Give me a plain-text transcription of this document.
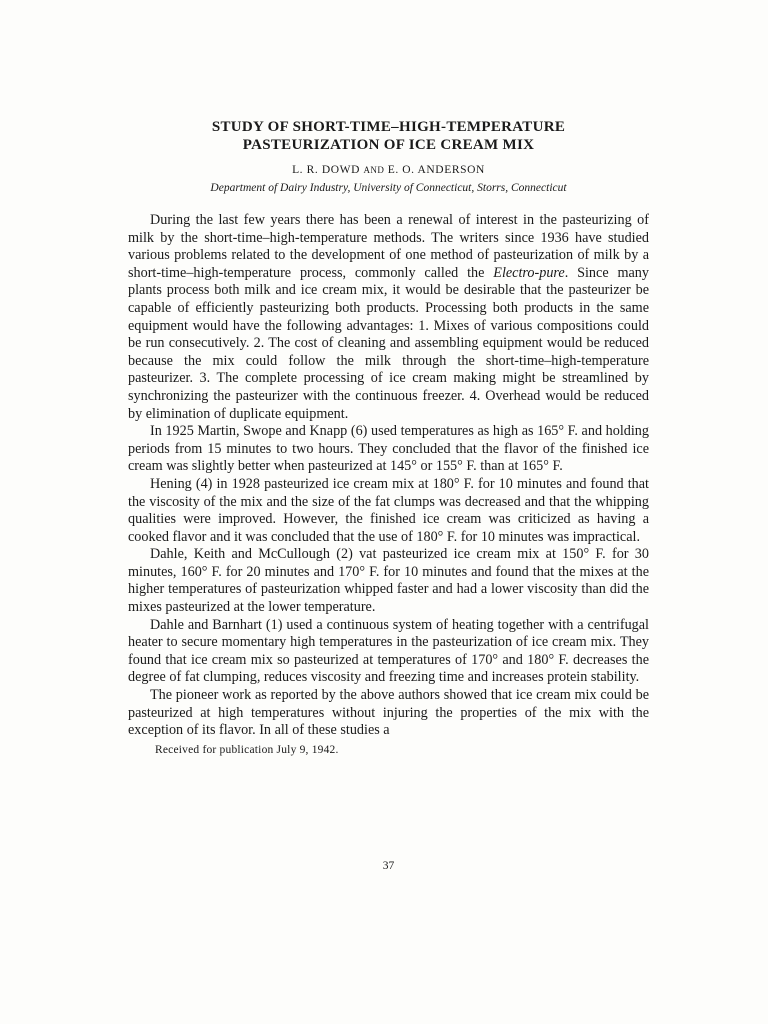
STUDY OF SHORT-TIME–HIGH-TEMPERATURE
PASTEURIZATION OF ICE CREAM MIX
L. R. DOWD AND E. O. ANDERSON
Department of Dairy Industry, University of Connecticut, Storrs, Connecticut

During the last few years there has been a renewal of interest in the pasteurizing of milk by the short-time–high-temperature methods. The writers since 1936 have studied various problems related to the development of one method of pasteurization of milk by a short-time–high-temperature process, commonly called the Electro-pure. Since many plants process both milk and ice cream mix, it would be desirable that the pasteurizer be capable of efficiently pasteurizing both products. Processing both products in the same equipment would have the following advantages: 1. Mixes of various compositions could be run consecutively. 2. The cost of cleaning and assembling equipment would be reduced because the mix could follow the milk through the short-time–high-temperature pasteurizer. 3. The complete processing of ice cream making might be streamlined by synchronizing the pasteurizer with the continuous freezer. 4. Overhead would be reduced by elimination of duplicate equipment.

In 1925 Martin, Swope and Knapp (6) used temperatures as high as 165° F. and holding periods from 15 minutes to two hours. They concluded that the flavor of the finished ice cream was slightly better when pasteurized at 145° or 155° F. than at 165° F.

Hening (4) in 1928 pasteurized ice cream mix at 180° F. for 10 minutes and found that the viscosity of the mix and the size of the fat clumps was decreased and that the whipping qualities were improved. However, the finished ice cream was criticized as having a cooked flavor and it was concluded that the use of 180° F. for 10 minutes was impractical.

Dahle, Keith and McCullough (2) vat pasteurized ice cream mix at 150° F. for 30 minutes, 160° F. for 20 minutes and 170° F. for 10 minutes and found that the mixes at the higher temperatures of pasteurization whipped faster and had a lower viscosity than did the mixes pasteurized at the lower temperature.

Dahle and Barnhart (1) used a continuous system of heating together with a centrifugal heater to secure momentary high temperatures in the pasteurization of ice cream mix. They found that ice cream mix so pasteurized at temperatures of 170° and 180° F. decreases the degree of fat clumping, reduces viscosity and freezing time and increases protein stability.

The pioneer work as reported by the above authors showed that ice cream mix could be pasteurized at high temperatures without injuring the properties of the mix with the exception of its flavor. In all of these studies a

Received for publication July 9, 1942.
37
